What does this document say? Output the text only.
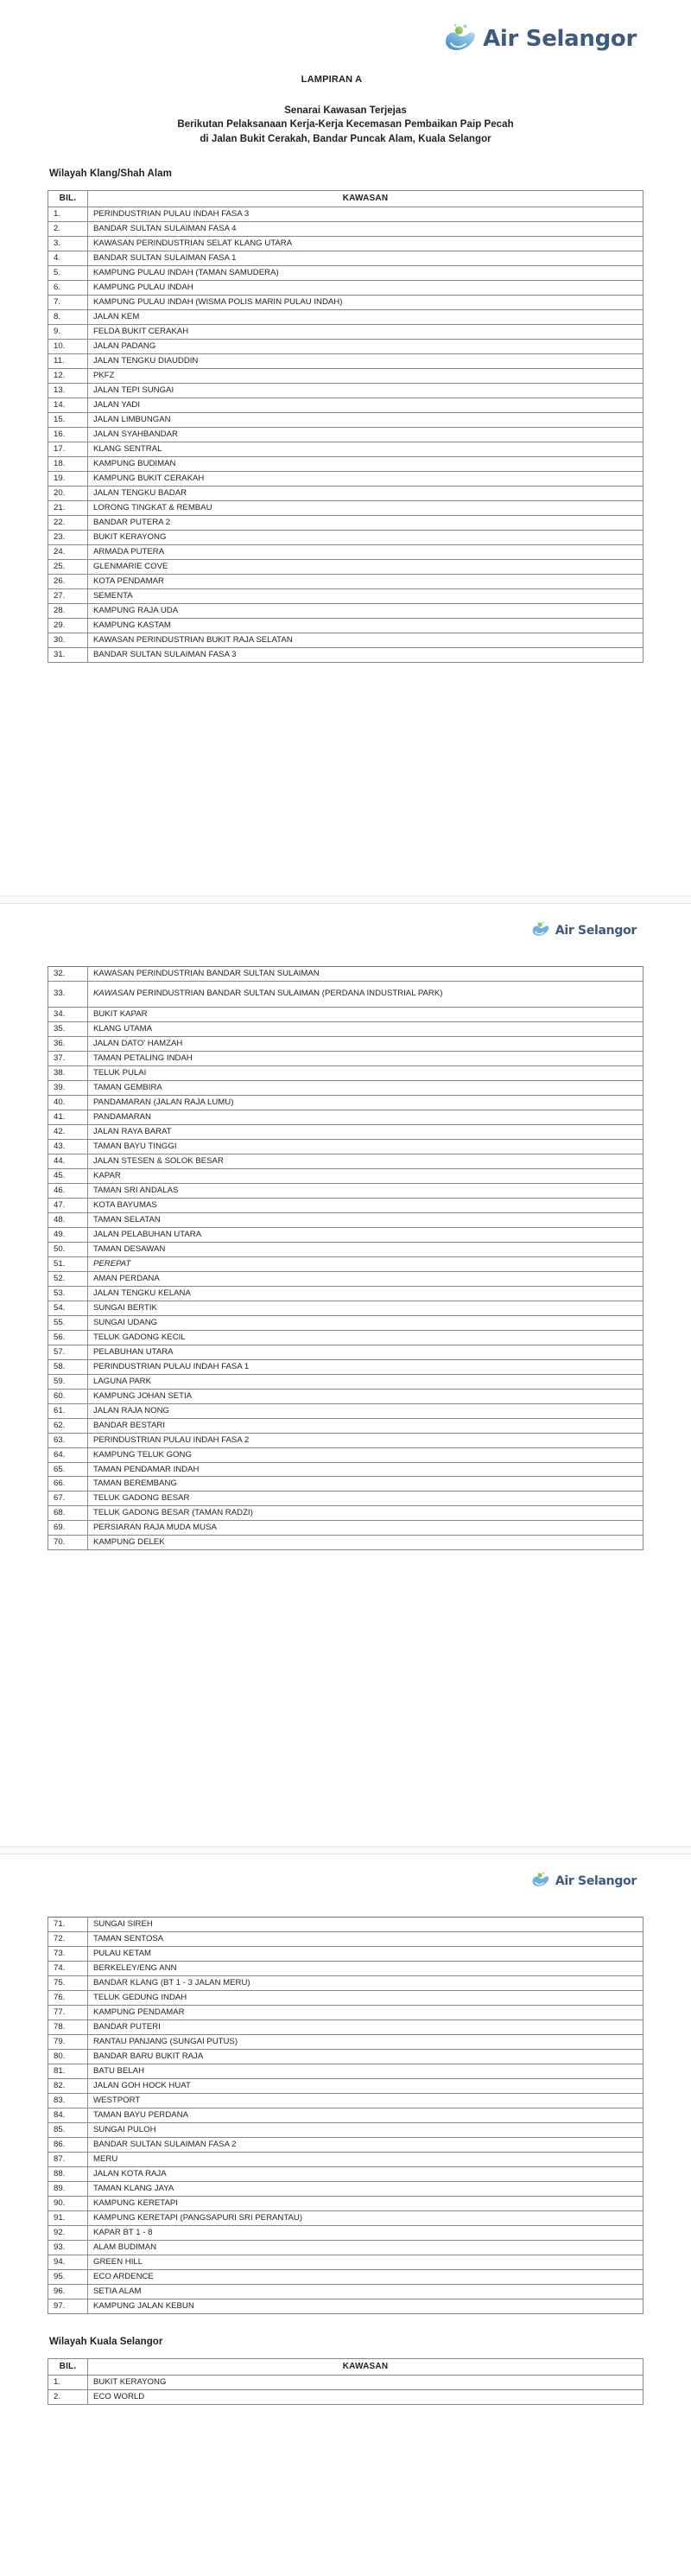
Air Selangor
LAMPIRAN A
Senarai Kawasan Terjejas
Berikutan Pelaksanaan Kerja-Kerja Kecemasan Pembaikan Paip Pecah
di Jalan Bukit Cerakah, Bandar Puncak Alam, Kuala Selangor
Wilayah Klang/Shah Alam
BIL.	KAWASAN
1.	PERINDUSTRIAN PULAU INDAH FASA 3
2.	BANDAR SULTAN SULAIMAN FASA 4
3.	KAWASAN PERINDUSTRIAN SELAT KLANG UTARA
4.	BANDAR SULTAN SULAIMAN FASA 1
5.	KAMPUNG PULAU INDAH (TAMAN SAMUDERA)
6.	KAMPUNG PULAU INDAH
7.	KAMPUNG PULAU INDAH (WISMA POLIS MARIN PULAU INDAH)
8.	JALAN KEM
9.	FELDA BUKIT CERAKAH
10.	JALAN PADANG
11.	JALAN TENGKU DIAUDDIN
12.	PKFZ
13.	JALAN TEPI SUNGAI
14.	JALAN YADI
15.	JALAN LIMBUNGAN
16.	JALAN SYAHBANDAR
17.	KLANG SENTRAL
18.	KAMPUNG BUDIMAN
19.	KAMPUNG BUKIT CERAKAH
20.	JALAN TENGKU BADAR
21.	LORONG TINGKAT & REMBAU
22.	BANDAR PUTERA 2
23.	BUKIT KERAYONG
24.	ARMADA PUTERA
25.	GLENMARIE COVE
26.	KOTA PENDAMAR
27.	SEMENTA
28.	KAMPUNG RAJA UDA
29.	KAMPUNG KASTAM
30.	KAWASAN PERINDUSTRIAN BUKIT RAJA SELATAN
31.	BANDAR SULTAN SULAIMAN FASA 3
Air Selangor
32.	KAWASAN PERINDUSTRIAN BANDAR SULTAN SULAIMAN
33.	KAWASAN PERINDUSTRIAN BANDAR SULTAN SULAIMAN (PERDANA INDUSTRIAL PARK)
34.	BUKIT KAPAR
35.	KLANG UTAMA
36.	JALAN DATO' HAMZAH
37.	TAMAN PETALING INDAH
38.	TELUK PULAI
39.	TAMAN GEMBIRA
40.	PANDAMARAN (JALAN RAJA LUMU)
41.	PANDAMARAN
42.	JALAN RAYA BARAT
43.	TAMAN BAYU TINGGI
44.	JALAN STESEN & SOLOK BESAR
45.	KAPAR
46.	TAMAN SRI ANDALAS
47.	KOTA BAYUMAS
48.	TAMAN SELATAN
49.	JALAN PELABUHAN UTARA
50.	TAMAN DESAWAN
51.	PEREPAT
52.	AMAN PERDANA
53.	JALAN TENGKU KELANA
54.	SUNGAI BERTIK
55.	SUNGAI UDANG
56.	TELUK GADONG KECIL
57.	PELABUHAN UTARA
58.	PERINDUSTRIAN PULAU INDAH FASA 1
59.	LAGUNA PARK
60.	KAMPUNG JOHAN SETIA
61.	JALAN RAJA NONG
62.	BANDAR BESTARI
63.	PERINDUSTRIAN PULAU INDAH FASA 2
64.	KAMPUNG TELUK GONG
65.	TAMAN PENDAMAR INDAH
66.	TAMAN BEREMBANG
67.	TELUK GADONG BESAR
68.	TELUK GADONG BESAR (TAMAN RADZI)
69.	PERSIARAN RAJA MUDA MUSA
70.	KAMPUNG DELEK
Air Selangor
71.	SUNGAI SIREH
72.	TAMAN SENTOSA
73.	PULAU KETAM
74.	BERKELEY/ENG ANN
75.	BANDAR KLANG (BT 1 - 3 JALAN MERU)
76.	TELUK GEDUNG INDAH
77.	KAMPUNG PENDAMAR
78.	BANDAR PUTERI
79.	RANTAU PANJANG (SUNGAI PUTUS)
80.	BANDAR BARU BUKIT RAJA
81.	BATU BELAH
82.	JALAN GOH HOCK HUAT
83.	WESTPORT
84.	TAMAN BAYU PERDANA
85.	SUNGAI PULOH
86.	BANDAR SULTAN SULAIMAN FASA 2
87.	MERU
88.	JALAN KOTA RAJA
89.	TAMAN KLANG JAYA
90.	KAMPUNG KERETAPI
91.	KAMPUNG KERETAPI (PANGSAPURI SRI PERANTAU)
92.	KAPAR BT 1 - 8
93.	ALAM BUDIMAN
94.	GREEN HILL
95.	ECO ARDENCE
96.	SETIA ALAM
97.	KAMPUNG JALAN KEBUN
Wilayah Kuala Selangor
BIL.	KAWASAN
1.	BUKIT KERAYONG
2.	ECO WORLD
